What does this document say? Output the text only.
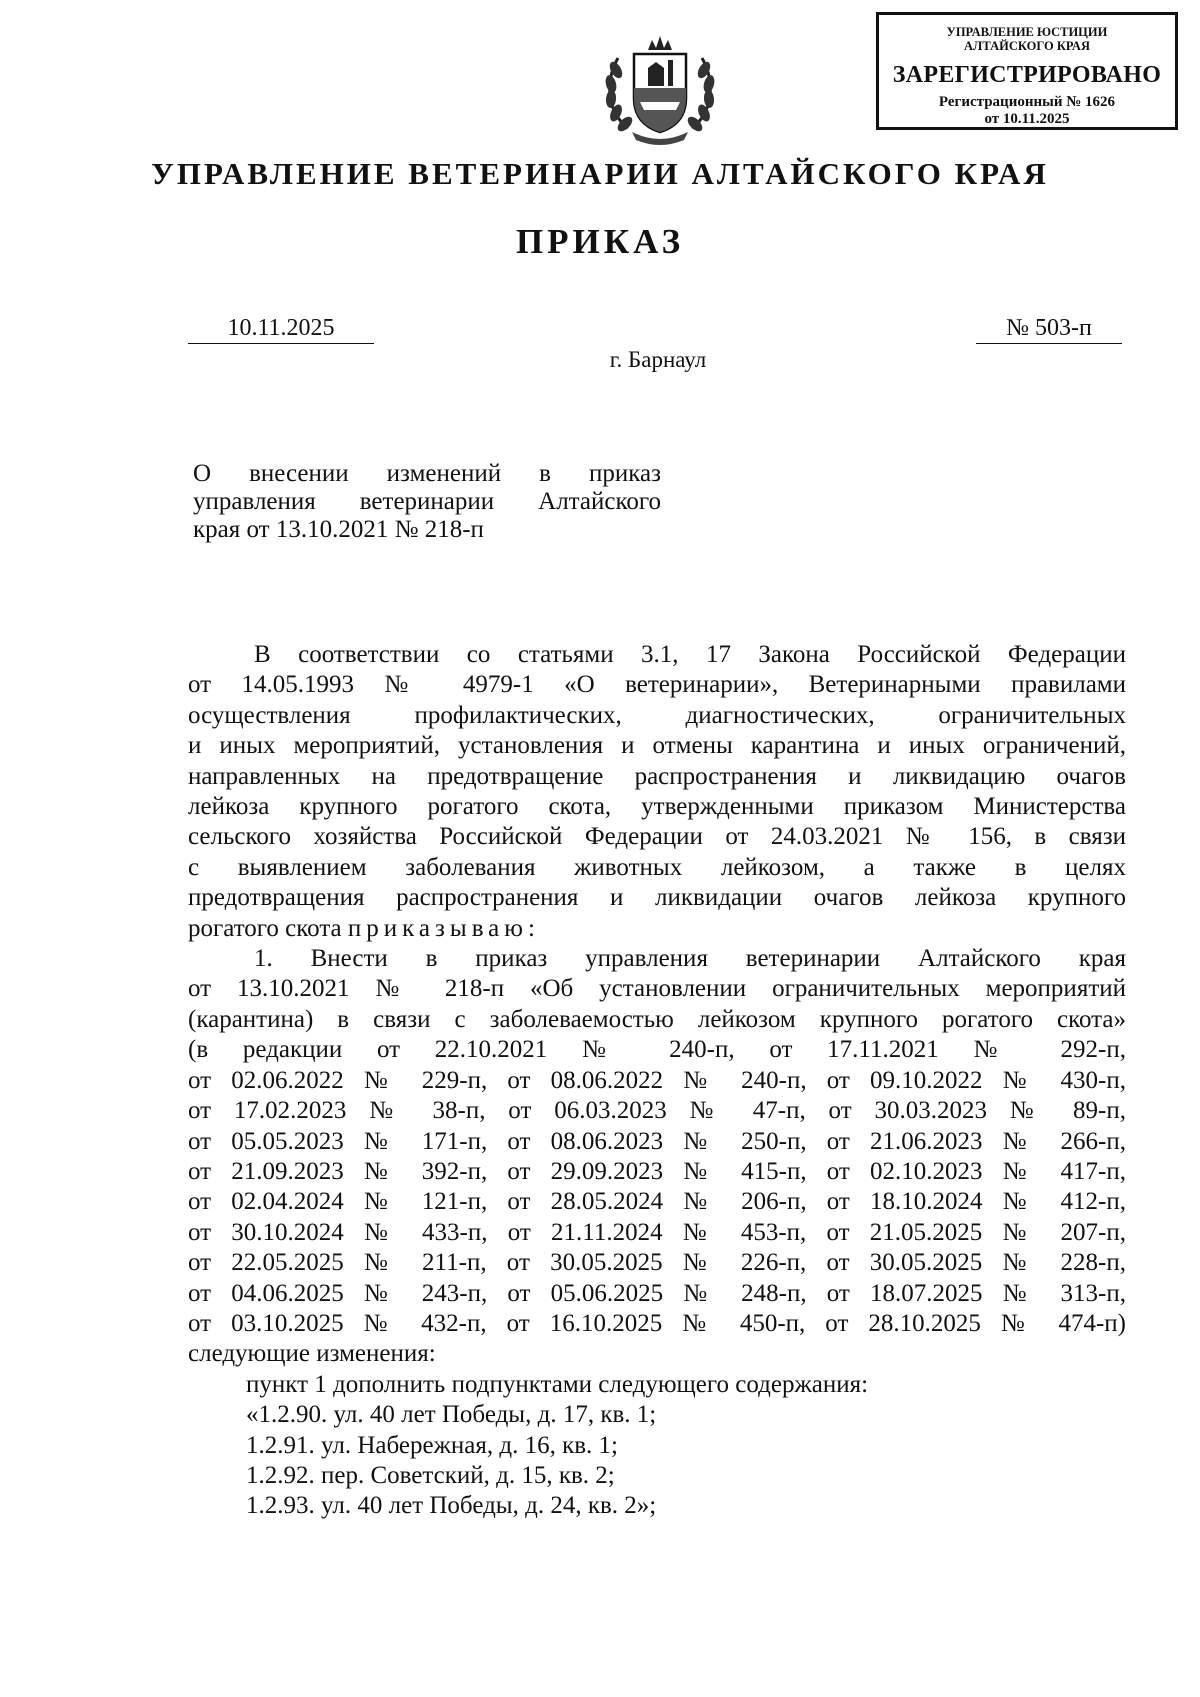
УПРАВЛЕНИЕ ЮСТИЦИИ
АЛТАЙСКОГО КРАЯ
ЗАРЕГИСТРИРОВАНО
Регистрационный № 1626
от 10.11.2025
УПРАВЛЕНИЕ ВЕТЕРИНАРИИ АЛТАЙСКОГО КРАЯ
ПРИКАЗ
10.11.2025	№ 503-п
г. Барнаул
О внесении изменений в приказ
управления ветеринарии Алтайского
края от 13.10.2021 № 218-п
В соответствии со статьями 3.1, 17 Закона Российской Федерации
от 14.05.1993 № 4979-1 «О ветеринарии», Ветеринарными правилами
осуществления профилактических, диагностических, ограничительных
и иных мероприятий, установления и отмены карантина и иных ограничений,
направленных на предотвращение распространения и ликвидацию очагов
лейкоза крупного рогатого скота, утвержденными приказом Министерства
сельского хозяйства Российской Федерации от 24.03.2021 № 156, в связи
с выявлением заболевания животных лейкозом, а также в целях
предотвращения распространения и ликвидации очагов лейкоза крупного
рогатого скота приказываю:
1. Внести в приказ управления ветеринарии Алтайского края
от 13.10.2021 № 218-п «Об установлении ограничительных мероприятий
(карантина) в связи с заболеваемостью лейкозом крупного рогатого скота»
(в редакции от 22.10.2021 № 240-п, от 17.11.2021 № 292-п,
от 02.06.2022 № 229-п, от 08.06.2022 № 240-п, от 09.10.2022 № 430-п,
от 17.02.2023 № 38-п, от 06.03.2023 № 47-п, от 30.03.2023 № 89-п,
от 05.05.2023 № 171-п, от 08.06.2023 № 250-п, от 21.06.2023 № 266-п,
от 21.09.2023 № 392-п, от 29.09.2023 № 415-п, от 02.10.2023 № 417-п,
от 02.04.2024 № 121-п, от 28.05.2024 № 206-п, от 18.10.2024 № 412-п,
от 30.10.2024 № 433-п, от 21.11.2024 № 453-п, от 21.05.2025 № 207-п,
от 22.05.2025 № 211-п, от 30.05.2025 № 226-п, от 30.05.2025 № 228-п,
от 04.06.2025 № 243-п, от 05.06.2025 № 248-п, от 18.07.2025 № 313-п,
от 03.10.2025 № 432-п, от 16.10.2025 № 450-п, от 28.10.2025 № 474-п)
следующие изменения:
пункт 1 дополнить подпунктами следующего содержания:
«1.2.90. ул. 40 лет Победы, д. 17, кв. 1;
1.2.91. ул. Набережная, д. 16, кв. 1;
1.2.92. пер. Советский, д. 15, кв. 2;
1.2.93. ул. 40 лет Победы, д. 24, кв. 2»;
